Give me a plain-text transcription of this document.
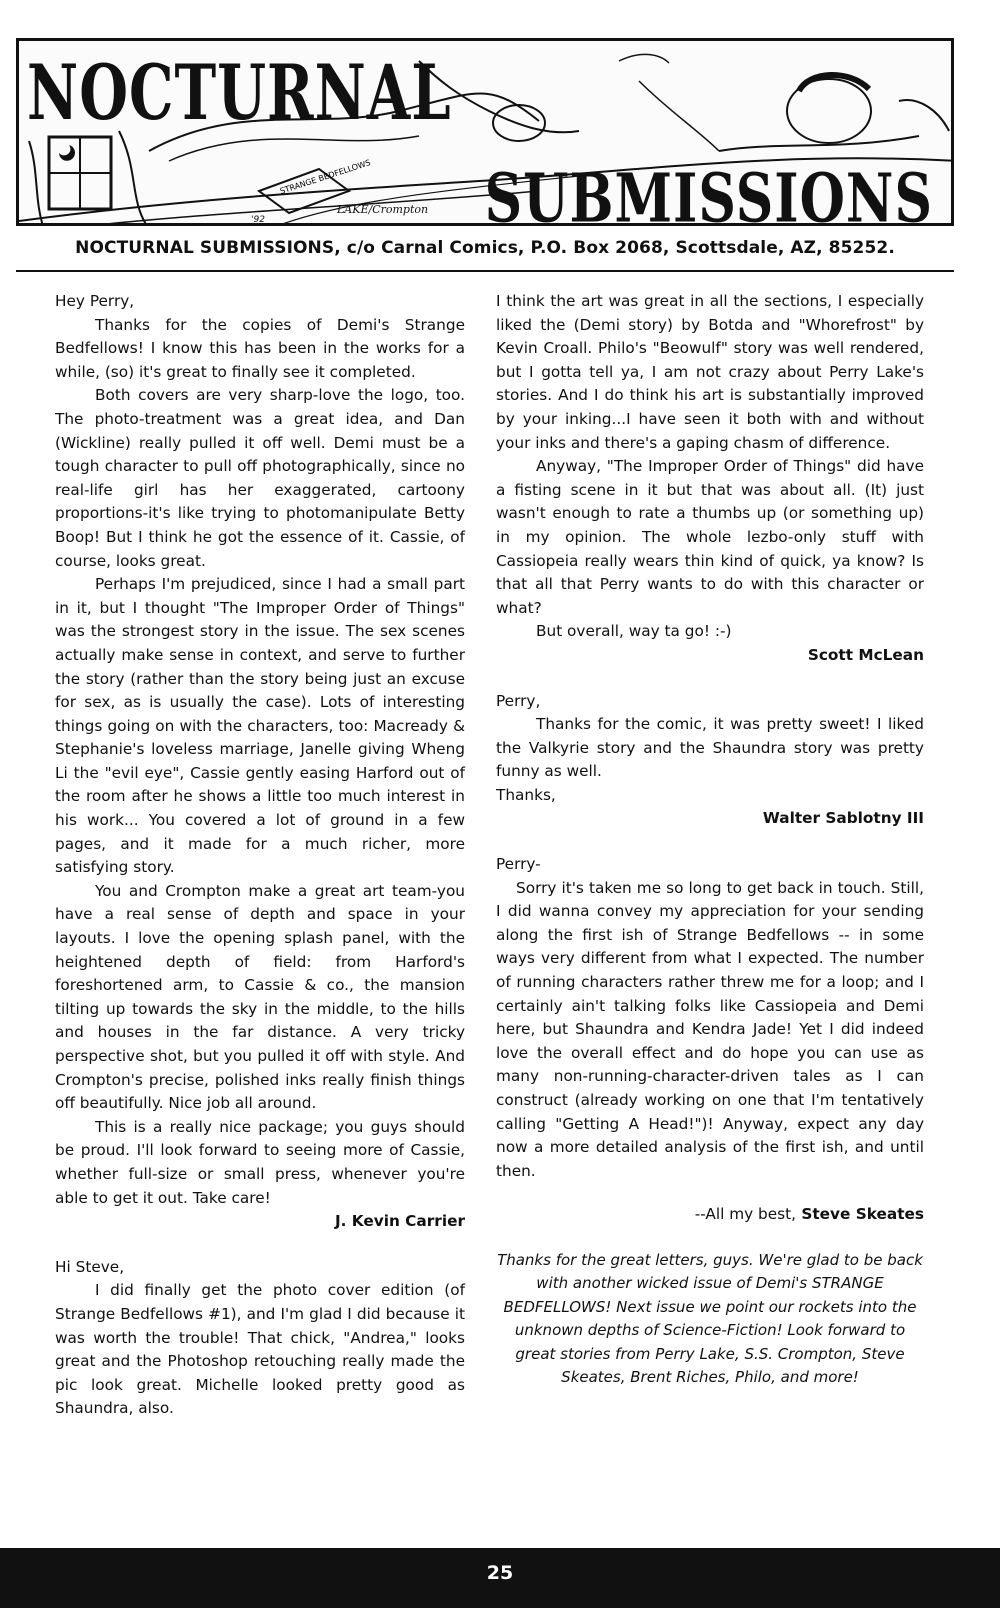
STRANGE BEDFELLOWS
NOCTURNAL
SUBMISSIONS
'92
LAKE/Crompton
NOCTURNAL SUBMISSIONS, c/o Carnal Comics, P.O. Box 2068, Scottsdale, AZ, 85252.

Hey Perry,

Thanks for the copies of Demi's Strange Bedfellows! I know this has been in the works for a while, (so) it's great to finally see it completed.

Both covers are very sharp-love the logo, too. The photo-treatment was a great idea, and Dan (Wickline) really pulled it off well. Demi must be a tough character to pull off photographically, since no real-life girl has her exaggerated, cartoony proportions-it's like trying to photomanipulate Betty Boop! But I think he got the essence of it. Cassie, of course, looks great.

Perhaps I'm prejudiced, since I had a small part in it, but I thought "The Improper Order of Things" was the strongest story in the issue. The sex scenes actually make sense in context, and serve to further the story (rather than the story being just an excuse for sex, as is usually the case). Lots of interesting things going on with the characters, too: Macready & Stephanie's loveless marriage, Janelle giving Wheng Li the "evil eye", Cassie gently easing Harford out of the room after he shows a little too much interest in his work... You covered a lot of ground in a few pages, and it made for a much richer, more satisfying story.

You and Crompton make a great art team-you have a real sense of depth and space in your layouts. I love the opening splash panel, with the heightened depth of field: from Harford's foreshortened arm, to Cassie & co., the mansion tilting up towards the sky in the middle, to the hills and houses in the far distance. A very tricky perspective shot, but you pulled it off with style. And Crompton's precise, polished inks really finish things off beautifully. Nice job all around.

This is a really nice package; you guys should be proud. I'll look forward to seeing more of Cassie, whether full-size or small press, whenever you're able to get it out. Take care!

J. Kevin Carrier

Hi Steve,

I did finally get the photo cover edition (of Strange Bedfellows #1), and I'm glad I did because it was worth the trouble! That chick, "Andrea," looks great and the Photoshop retouching really made the pic look great. Michelle looked pretty good as Shaundra, also.

I think the art was great in all the sections, I especially liked the (Demi story) by Botda and "Whorefrost" by Kevin Croall. Philo's "Beowulf" story was well rendered, but I gotta tell ya, I am not crazy about Perry Lake's stories. And I do think his art is substantially improved by your inking...I have seen it both with and without your inks and there's a gaping chasm of difference.

Anyway, "The Improper Order of Things" did have a fisting scene in it but that was about all. (It) just wasn't enough to rate a thumbs up (or something up) in my opinion. The whole lezbo-only stuff with Cassiopeia really wears thin kind of quick, ya know? Is that all that Perry wants to do with this character or what?

But overall, way ta go! :-)

Scott McLean

Perry,

Thanks for the comic, it was pretty sweet! I liked the Valkyrie story and the Shaundra story was pretty funny as well.

Thanks,

Walter Sablotny III

Perry-

Sorry it's taken me so long to get back in touch. Still, I did wanna convey my appreciation for your sending along the first ish of Strange Bedfellows -- in some ways very different from what I expected. The number of running characters rather threw me for a loop; and I certainly ain't talking folks like Cassiopeia and Demi here, but Shaundra and Kendra Jade! Yet I did indeed love the overall effect and do hope you can use as many non-running-character-driven tales as I can construct (already working on one that I'm tentatively calling "Getting A Head!")! Anyway, expect any day now a more detailed analysis of the first ish, and until then.

--All my best, Steve Skeates

Thanks for the great letters, guys. We're glad to be back with another wicked issue of Demi's STRANGE BEDFELLOWS! Next issue we point our rockets into the unknown depths of Science-Fiction! Look forward to great stories from Perry Lake, S.S. Crompton, Steve Skeates, Brent Riches, Philo, and more!

25
